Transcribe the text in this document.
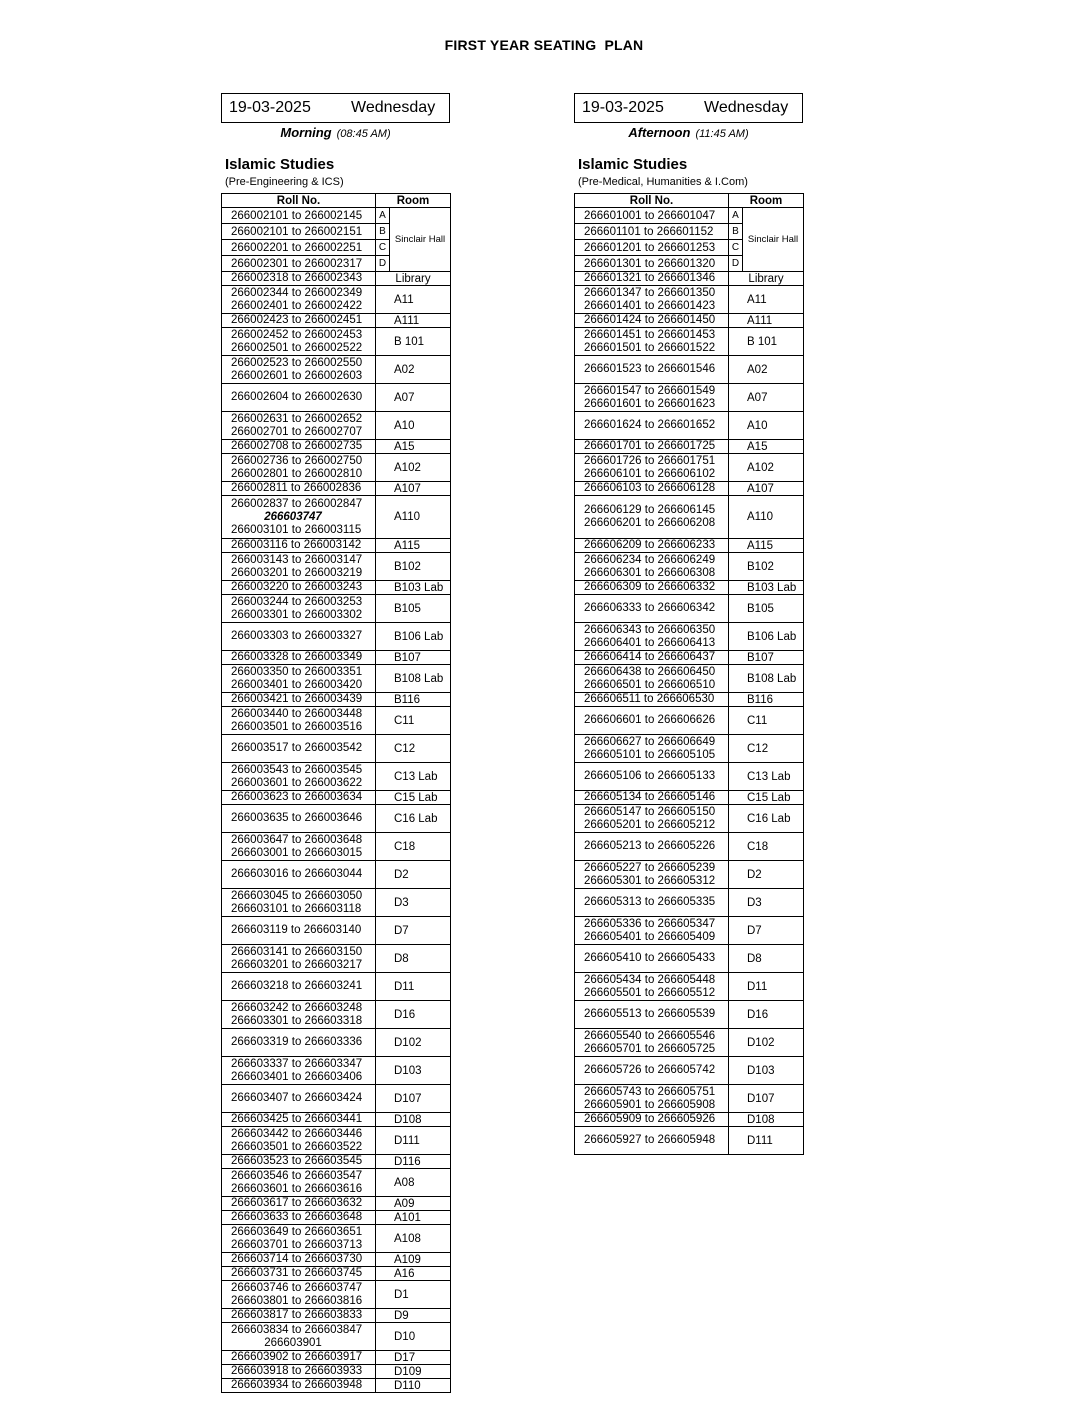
FIRST YEAR SEATING  PLAN
19-03-2025	Wednesday
Morning (08:45 AM)
Islamic Studies
(Pre-Engineering & ICS)
Roll No.	Room	
266002101 to 266002145	A	Sinclair Hall
266002101 to 266002151	B	
266002201 to 266002251	C	
266002301 to 266002317	D	

266002318 to 266002343	Library	

266002344 to 266002349
266002401 to 266002422	A11	

266002423 to 266002451	A111	

266002452 to 266002453
266002501 to 266002522	B 101	

266002523 to 266002550
266002601 to 266002603	A02	

266002604 to 266002630	A07	

266002631 to 266002652
266002701 to 266002707	A10	

266002708 to 266002735	A15	

266002736 to 266002750
266002801 to 266002810	A102	

266002811 to 266002836	A107	

266002837 to 266002847
266603747
266003101 to 266003115	A110	

266003116 to 266003142	A115	

266003143 to 266003147
266003201 to 266003219	B102	

266003220 to 266003243	B103 Lab	

266003244 to 266003253
266003301 to 266003302	B105	

266003303 to 266003327	B106 Lab	

266003328 to 266003349	B107	

266003350 to 266003351
266003401 to 266003420	B108 Lab	

266003421 to 266003439	B116	

266003440 to 266003448
266003501 to 266003516	C11	

266003517 to 266003542	C12	

266003543 to 266003545
266003601 to 266003622	C13 Lab	

266003623 to 266003634	C15 Lab	

266003635 to 266003646	C16 Lab	

266003647 to 266003648
266603001 to 266603015	C18	

266603016 to 266603044	D2	

266603045 to 266603050
266603101 to 266603118	D3	

266603119 to 266603140	D7	

266603141 to 266603150
266603201 to 266603217	D8	

266603218 to 266603241	D11	

266603242 to 266603248
266603301 to 266603318	D16	

266603319 to 266603336	D102	

266603337 to 266603347
266603401 to 266603406	D103	

266603407 to 266603424	D107	

266603425 to 266603441	D108	

266603442 to 266603446
266603501 to 266603522	D111	

266603523 to 266603545	D116	

266603546 to 266603547
266603601 to 266603616	A08	

266603617 to 266603632	A09	

266603633 to 266603648	A101	

266603649 to 266603651
266603701 to 266603713	A108	

266603714 to 266603730	A109	

266603731 to 266603745	A16	

266603746 to 266603747
266603801 to 266603816	D1	

266603817 to 266603833	D9	

266603834 to 266603847
266603901	D10	

266603902 to 266603917	D17	

266603918 to 266603933	D109	

266603934 to 266603948	D110	
19-03-2025	Wednesday
Afternoon (11:45 AM)
Islamic Studies
(Pre-Medical, Humanities & I.Com)
Roll No.	Room	
266601001 to 266601047	A	Sinclair Hall
266601101 to 266601152	B	
266601201 to 266601253	C	
266601301 to 266601320	D	

266601321 to 266601346	Library	

266601347 to 266601350
266601401 to 266601423	A11	

266601424 to 266601450	A111	

266601451 to 266601453
266601501 to 266601522	B 101	

266601523 to 266601546	A02	

266601547 to 266601549
266601601 to 266601623	A07	

266601624 to 266601652	A10	

266601701 to 266601725	A15	

266601726 to 266601751
266606101 to 266606102	A102	

266606103 to 266606128	A107	

266606129 to 266606145
266606201 to 266606208	A110	

266606209 to 266606233	A115	

266606234 to 266606249
266606301 to 266606308	B102	

266606309 to 266606332	B103 Lab	

266606333 to 266606342	B105	

266606343 to 266606350
266606401 to 266606413	B106 Lab	

266606414 to 266606437	B107	

266606438 to 266606450
266606501 to 266606510	B108 Lab	

266606511 to 266606530	B116	

266606601 to 266606626	C11	

266606627 to 266606649
266605101 to 266605105	C12	

266605106 to 266605133	C13 Lab	

266605134 to 266605146	C15 Lab	

266605147 to 266605150
266605201 to 266605212	C16 Lab	

266605213 to 266605226	C18	

266605227 to 266605239
266605301 to 266605312	D2	

266605313 to 266605335	D3	

266605336 to 266605347
266605401 to 266605409	D7	

266605410 to 266605433	D8	

266605434 to 266605448
266605501 to 266605512	D11	

266605513 to 266605539	D16	

266605540 to 266605546
266605701 to 266605725	D102	

266605726 to 266605742	D103	

266605743 to 266605751
266605901 to 266605908	D107	

266605909 to 266605926	D108	

266605927 to 266605948	D111	
